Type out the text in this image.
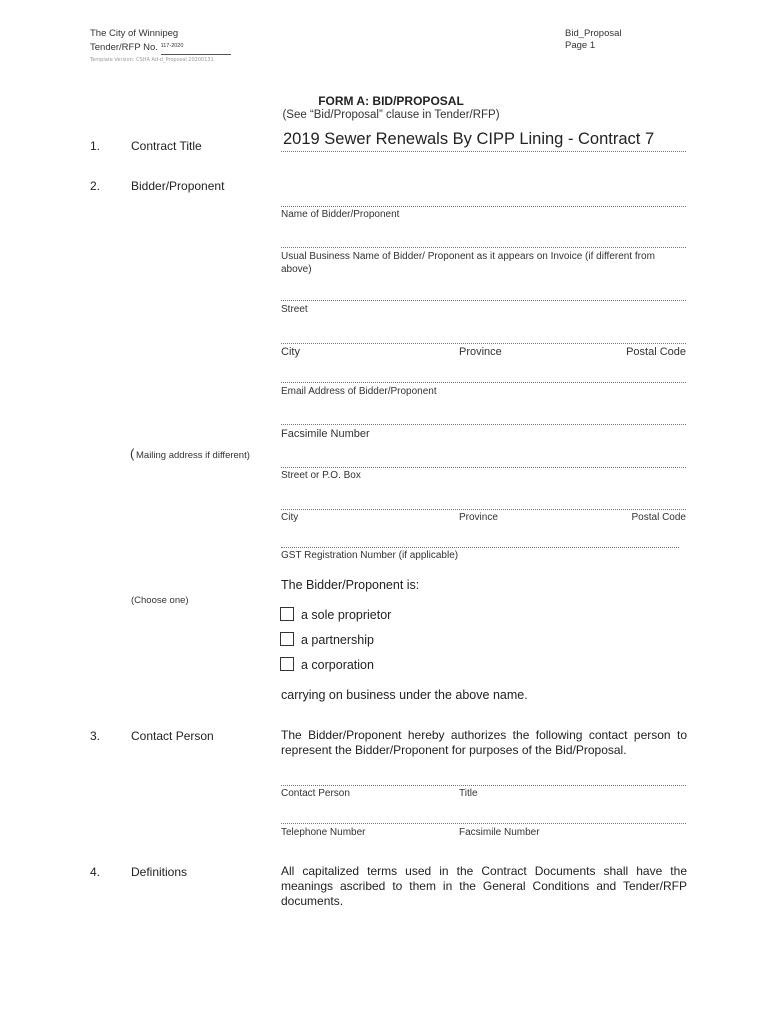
The City of Winnipeg
Tender/RFP No. $^{117-2020}$
Template Version: CSHA Ad-d_Proposal 20200131
Bid_Proposal
Page 1
FORM A: BID/PROPOSAL
(See “Bid/Proposal” clause in Tender/RFP)
1.	Contract Title	2019 Sewer Renewals By CIPP Lining - Contract 7
2.	Bidder/Proponent
Name of Bidder/Proponent
Usual Business Name of Bidder/ Proponent as it appears on Invoice (if different from above)
Street
City	Province	Postal Code
Email Address of Bidder/Proponent
Facsimile Number
( Mailing address if different)
Street or P.O. Box
City	Province	Postal Code
GST Registration Number (if applicable)
The Bidder/Proponent is:
(Choose one)
a sole proprietor
a partnership
a corporation
carrying on business under the above name.
3.	Contact Person	The Bidder/Proponent hereby authorizes the following contact person to represent the Bidder/Proponent for purposes of the Bid/Proposal.
Contact Person	Title
Telephone Number	Facsimile Number
4.	Definitions	All capitalized terms used in the Contract Documents shall have the meanings ascribed to them in the General Conditions and Tender/RFP documents.
